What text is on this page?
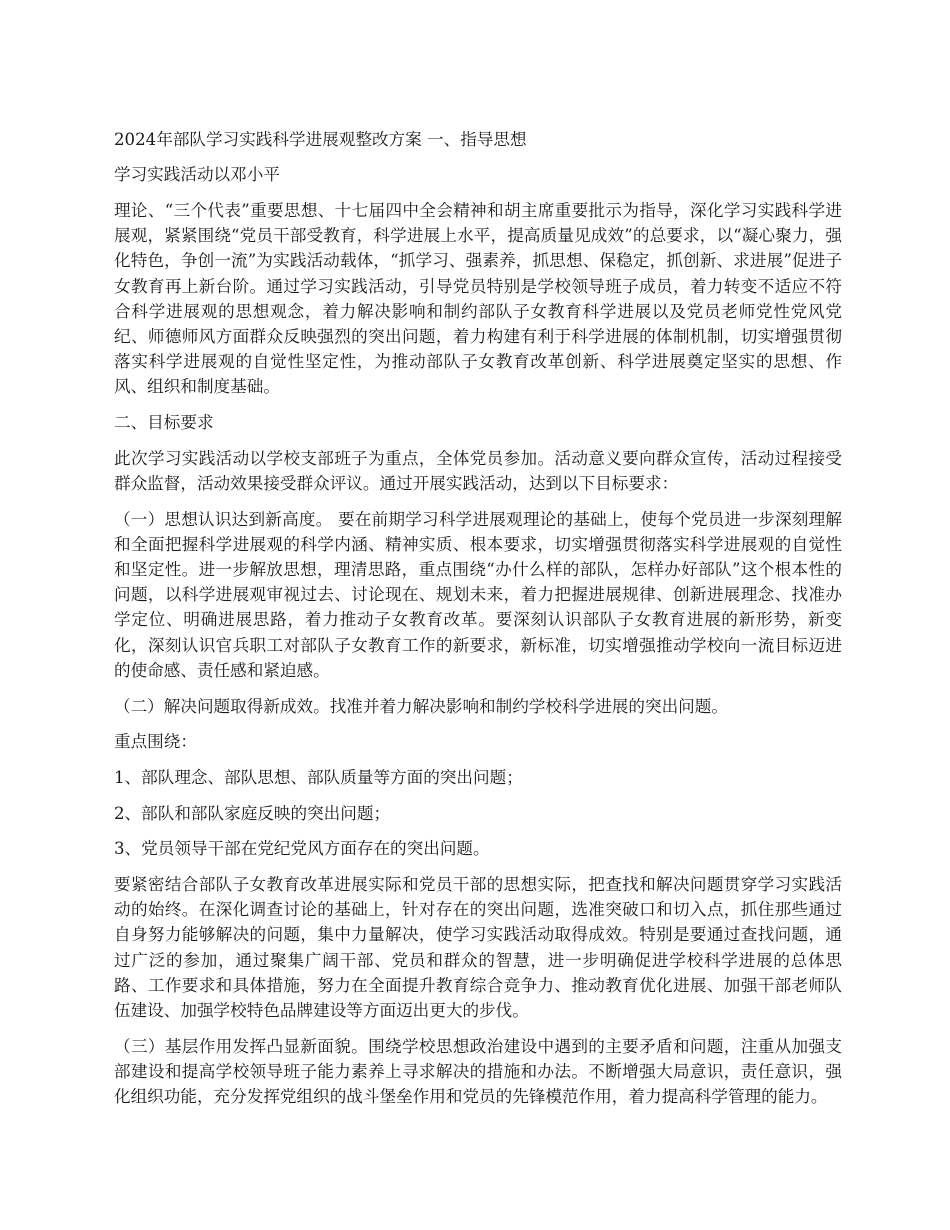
2024年部队学习实践科学进展观整改方案 一、指导思想

学习实践活动以邓小平

理论、“三个代表”重要思想、十七届四中全会精神和胡主席重要批示为指导，深化学习实践科学进展观，紧紧围绕“党员干部受教育，科学进展上水平，提高质量见成效”的总要求，以“凝心聚力，强化特色，争创一流”为实践活动载体，“抓学习、强素养，抓思想、保稳定，抓创新、求进展”促进子女教育再上新台阶。通过学习实践活动，引导党员特别是学校领导班子成员，着力转变不适应不符合科学进展观的思想观念，着力解决影响和制约部队子女教育科学进展以及党员老师党性党风党纪、师德师风方面群众反映强烈的突出问题，着力构建有利于科学进展的体制机制，切实增强贯彻落实科学进展观的自觉性坚定性，为推动部队子女教育改革创新、科学进展奠定坚实的思想、作风、组织和制度基础。

二、目标要求

此次学习实践活动以学校支部班子为重点，全体党员参加。活动意义要向群众宣传，活动过程接受群众监督，活动效果接受群众评议。通过开展实践活动，达到以下目标要求：

（一）思想认识达到新高度。 要在前期学习科学进展观理论的基础上，使每个党员进一步深刻理解和全面把握科学进展观的科学内涵、精神实质、根本要求，切实增强贯彻落实科学进展观的自觉性和坚定性。进一步解放思想，理清思路，重点围绕“办什么样的部队，怎样办好部队”这个根本性的问题，以科学进展观审视过去、讨论现在、规划未来，着力把握进展规律、创新进展理念、找准办学定位、明确进展思路，着力推动子女教育改革。要深刻认识部队子女教育进展的新形势，新变化，深刻认识官兵职工对部队子女教育工作的新要求，新标准，切实增强推动学校向一流目标迈进的使命感、责任感和紧迫感。

（二）解决问题取得新成效。找准并着力解决影响和制约学校科学进展的突出问题。

重点围绕：

1、部队理念、部队思想、部队质量等方面的突出问题；

2、部队和部队家庭反映的突出问题；

3、党员领导干部在党纪党风方面存在的突出问题。

要紧密结合部队子女教育改革进展实际和党员干部的思想实际，把查找和解决问题贯穿学习实践活动的始终。在深化调查讨论的基础上，针对存在的突出问题，选准突破口和切入点，抓住那些通过自身努力能够解决的问题，集中力量解决，使学习实践活动取得成效。特别是要通过查找问题，通过广泛的参加，通过聚集广阔干部、党员和群众的智慧，进一步明确促进学校科学进展的总体思路、工作要求和具体措施，努力在全面提升教育综合竞争力、推动教育优化进展、加强干部老师队伍建设、加强学校特色品牌建设等方面迈出更大的步伐。

（三）基层作用发挥凸显新面貌。围绕学校思想政治建设中遇到的主要矛盾和问题，注重从加强支部建设和提高学校领导班子能力素养上寻求解决的措施和办法。不断增强大局意识，责任意识，强化组织功能，充分发挥党组织的战斗堡垒作用和党员的先锋模范作用，着力提高科学管理的能力。
